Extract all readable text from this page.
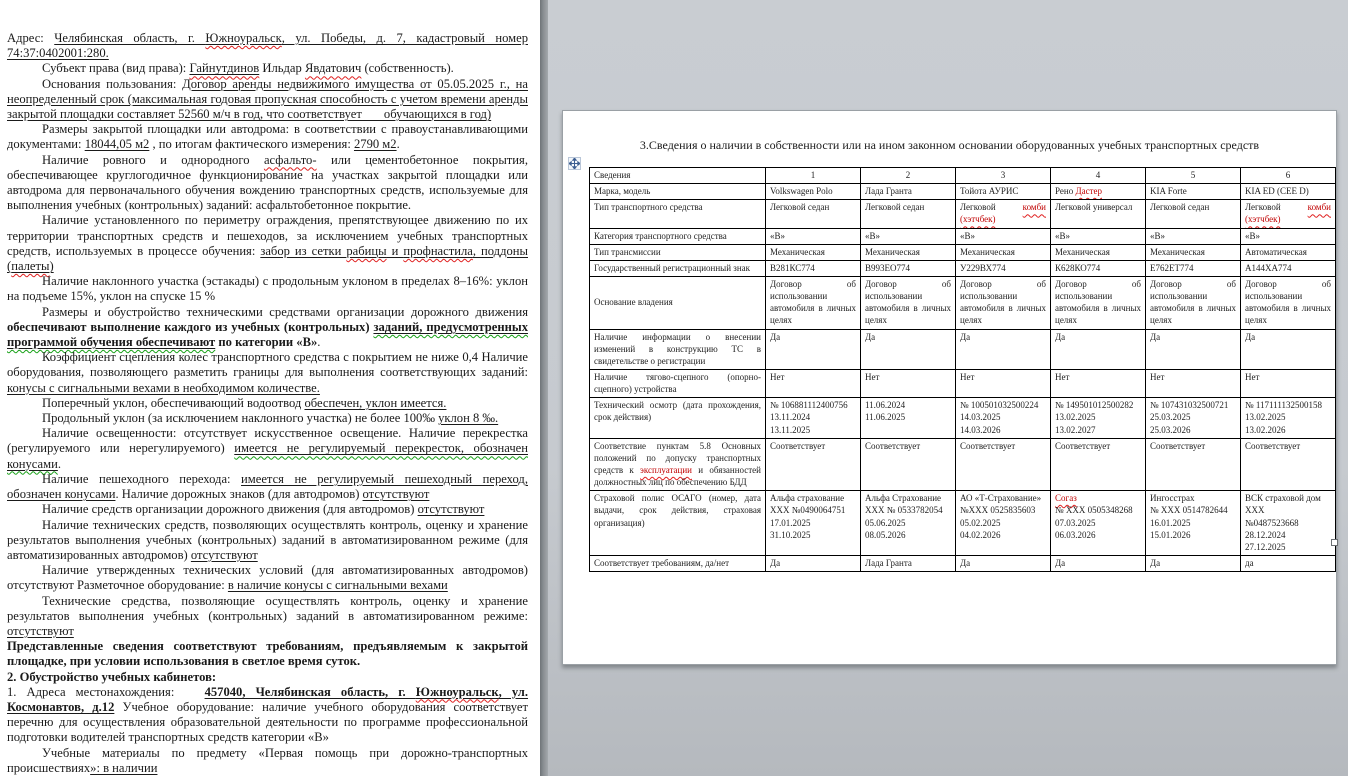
Адрес: Челябинская область, г. Южноуральск, ул. Победы, д. 7, кадастровый номер 74:37:0402001:280.
Субъект права (вид права): Гайнутдинов Ильдар Явдатович (собственность).
Основания пользования: Договор аренды недвижимого имущества от 05.05.2025 г., на неопределенный срок (максимальная годовая пропускная способность с учетом времени аренды закрытой площадки составляет 52560 м/ч в год, что соответствует       обучающихся в год)
Размеры закрытой площадки или автодрома: в соответствии с правоустанавливающими документами: 18044,05 м2 , по итогам фактического измерения: 2790 м2.
Наличие ровного и однородного асфальто- или цементобетонное покрытия, обеспечивающее круглогодичное функционирование на участках закрытой площадки или автодрома для первоначального обучения вождению транспортных средств, используемые для выполнения учебных (контрольных) заданий: асфальтобетонное покрытие.
Наличие установленного по периметру ограждения, препятствующее движению по их территории транспортных средств и пешеходов, за исключением учебных транспортных средств, используемых в процессе обучения: забор из сетки рабицы и профнастила, поддоны (палеты)
Наличие наклонного участка (эстакады) с продольным уклоном в пределах 8–16%: уклон на подъеме 15%, уклон на спуске 15 %
Размеры и обустройство техническими средствами организации дорожного движения обеспечивают выполнение каждого из учебных (контрольных) заданий, предусмотренных программой обучения обеспечивают по категории «В».
Коэффициент сцепления колес транспортного средства с покрытием не ниже 0,4 Наличие оборудования, позволяющего разметить границы для выполнения соответствующих заданий: конусы с сигнальными вехами в необходимом количестве.
Поперечный уклон, обеспечивающий водоотвод обеспечен, уклон имеется.
Продольный уклон (за исключением наклонного участка) не более 100‰ уклон 8 ‰.
Наличие освещенности: отсутствует искусственное освещение. Наличие перекрестка (регулируемого или нерегулируемого) имеется не регулируемый перекресток, обозначен конусами.
Наличие пешеходного перехода: имеется не регулируемый пешеходный переход, обозначен конусами. Наличие дорожных знаков (для автодромов) отсутствуют
Наличие средств организации дорожного движения (для автодромов) отсутствуют
Наличие технических средств, позволяющих осуществлять контроль, оценку и хранение результатов выполнения учебных (контрольных) заданий в автоматизированном режиме (для автоматизированных автодромов) отсутствуют
Наличие утвержденных технических условий (для автоматизированных автодромов) отсутствуют Разметочное оборудование: в наличие конусы с сигнальными вехами
Технические средства, позволяющие осуществлять контроль, оценку и хранение результатов выполнения учебных (контрольных) заданий в автоматизированном режиме: отсутствуют
Представленные сведения соответствуют требованиям, предъявляемым к закрытой площадке, при условии использования в светлое время суток.
2. Обустройство учебных кабинетов:
1. Адреса местонахождения:   457040, Челябинская область, г. Южноуральск, ул. Космонавтов, д.12 Учебное оборудование: наличие учебного оборудования соответствует перечню для осуществления образовательной деятельности по программе профессиональной подготовки водителей транспортных средств категории «В»
Учебные материалы по предмету «Первая помощь при дорожно-транспортных происшествиях»: в наличии
3.Сведения о наличии в собственности или на ином законном основании оборудованных учебных транспортных средств
Сведения	1	2	3	4	5	6
Марка, модель	Volkswagen Polo	Лада Гранта	Тойота АУРИС	Рено Дастер	KIA Forte	KIA ED (CEE D)
Тип транспортного средства	Легковой седан	Легковой седан	Легковой комби (хэтчбек)	Легковой универсал	Легковой седан	Легковой комби (хэтчбек)
Категория транспортного средства	«В»	«В»	«В»	«В»	«В»	«В»
Тип трансмиссии	Механическая	Механическая	Механическая	Механическая	Механическая	Автоматическая
Государственный регистрационный знак	В281КС774	В993ЕО774	У229ВХ774	К628КО774	Е762ЕТ774	А144ХА774
Основание владения	Договор об использовании автомобиля в личных целях	Договор об использовании автомобиля в личных целях	Договор об использовании автомобиля в личных целях	Договор об использовании автомобиля в личных целях	Договор об использовании автомобиля в личных целях	Договор об использовании автомобиля в личных целях
Наличие информации о внесении изменений в конструкцию ТС в свидетельстве о регистрации	Да	Да	Да	Да	Да	Да
Наличие тягово-сцепного (опорно-сцепного) устройства	Нет	Нет	Нет	Нет	Нет	Нет
Технический осмотр (дата прохождения, срок действия)	№ 106881112400756
13.11.2024
13.11.2025	11.06.2024
11.06.2025	№ 100501032500224
14.03.2025
14.03.2026	№ 149501012500282
13.02.2025
13.02.2027	№ 107431032500721
25.03.2025
25.03.2026	№ 117111132500158
13.02.2025
13.02.2026
Соответствие пунктам 5.8 Основных положений по допуску транспортных средств к эксплуатации и обязанностей должностных лиц по обеспечению БДД	Соответствует	Соответствует	Соответствует	Соответствует	Соответствует	Соответствует
Страховой полис ОСАГО (номер, дата выдачи, срок действия, страховая организация)	Альфа страхование
ХХХ №0490064751
17.01.2025
31.10.2025	Альфа Страхование
ХХХ № 0533782054
05.06.2025
08.05.2026	АО «Т-Страхование»
№ХХХ 0525835603
05.02.2025
04.02.2026	Согаз
№ ХХХ 0505348268
07.03.2025
06.03.2026	Ингосстрах
№ ХХХ 0514782644
16.01.2025
15.01.2026	ВСК страховой дом
ХХХ      №0487523668
28.12.2024
27.12.2025
Соответствует требованиям, да/нет	Да	Лада Гранта	Да	Да	Да	да
